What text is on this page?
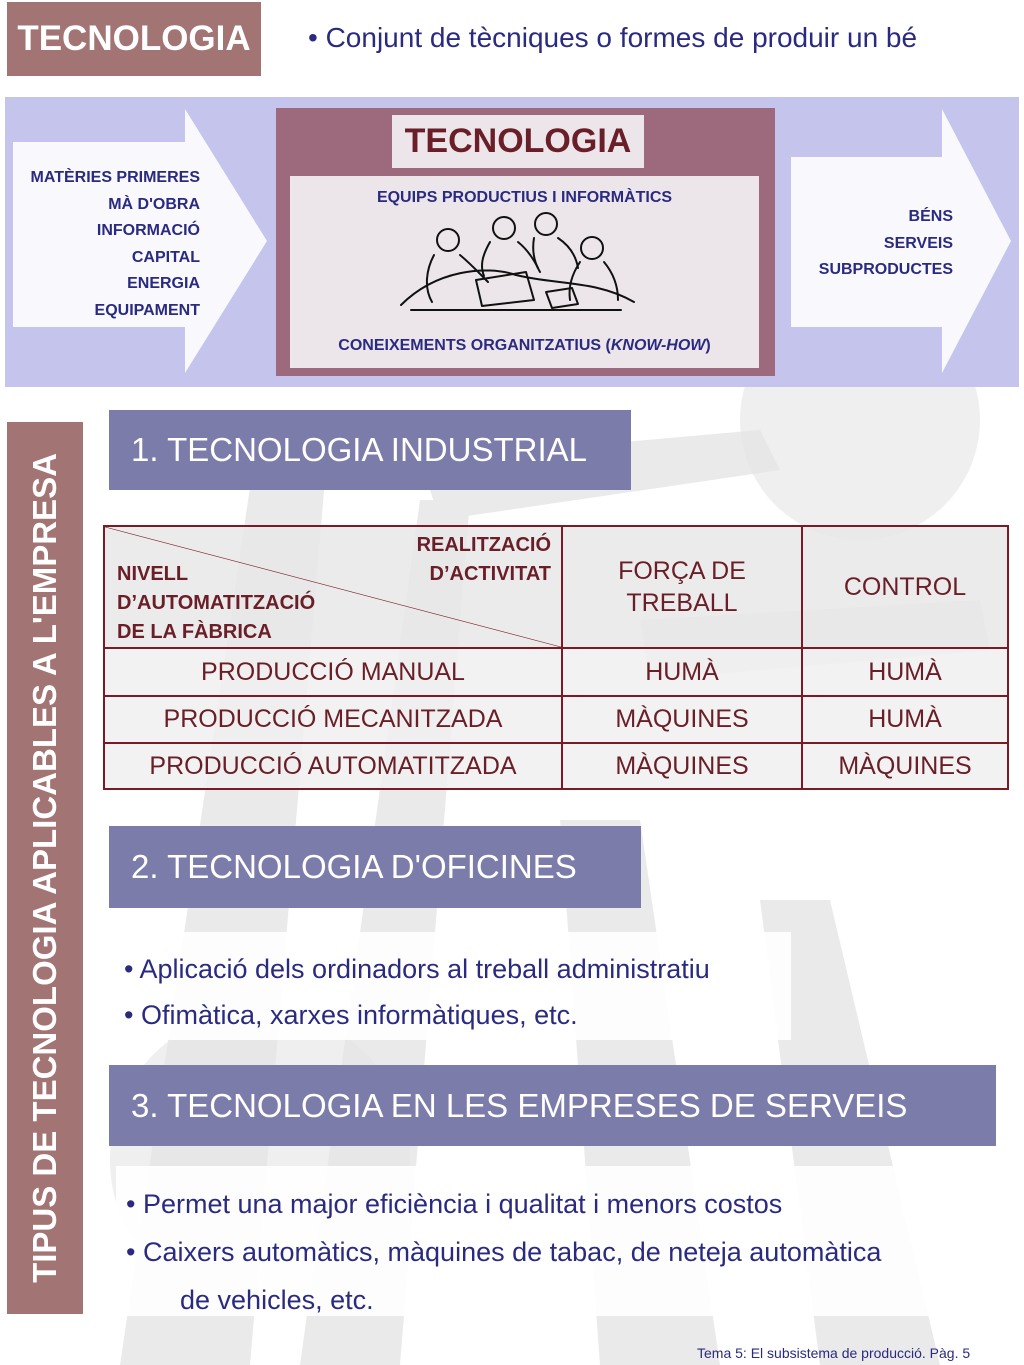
TECNOLOGIA	• Conjunt de tècniques o formes de produir un bé
MATÈRIES PRIMERES
MÀ D'OBRA
INFORMACIÓ
CAPITAL
ENERGIA
EQUIPAMENT
BÉNS
SERVEIS
SUBPRODUCTES
TECNOLOGIA
EQUIPS PRODUCTIUS I INFORMÀTICS
CONEIXEMENTS ORGANITZATIUS (KNOW-HOW)
TIPUS DE TECNOLOGIA APLICABLES A L'EMPRESA
1. TECNOLOGIA INDUSTRIAL
REALITZACIÓ
D’ACTIVITAT
NIVELL
D’AUTOMATITZACIÓ
DE LA FÀBRICA	FORÇA DE TREBALL	CONTROL
PRODUCCIÓ MANUAL	HUMÀ	HUMÀ
PRODUCCIÓ MECANITZADA	MÀQUINES	HUMÀ
PRODUCCIÓ AUTOMATITZADA	MÀQUINES	MÀQUINES
2. TECNOLOGIA D'OFICINES
• Aplicació dels ordinadors al treball administratiu
• Ofimàtica, xarxes informàtiques, etc.
3. TECNOLOGIA EN LES EMPRESES DE SERVEIS
• Permet una major eficiència i qualitat i menors costos
• Caixers automàtics, màquines de tabac, de neteja automàtica
de vehicles, etc.
Tema 5: El subsistema de producció. Pàg. 5
